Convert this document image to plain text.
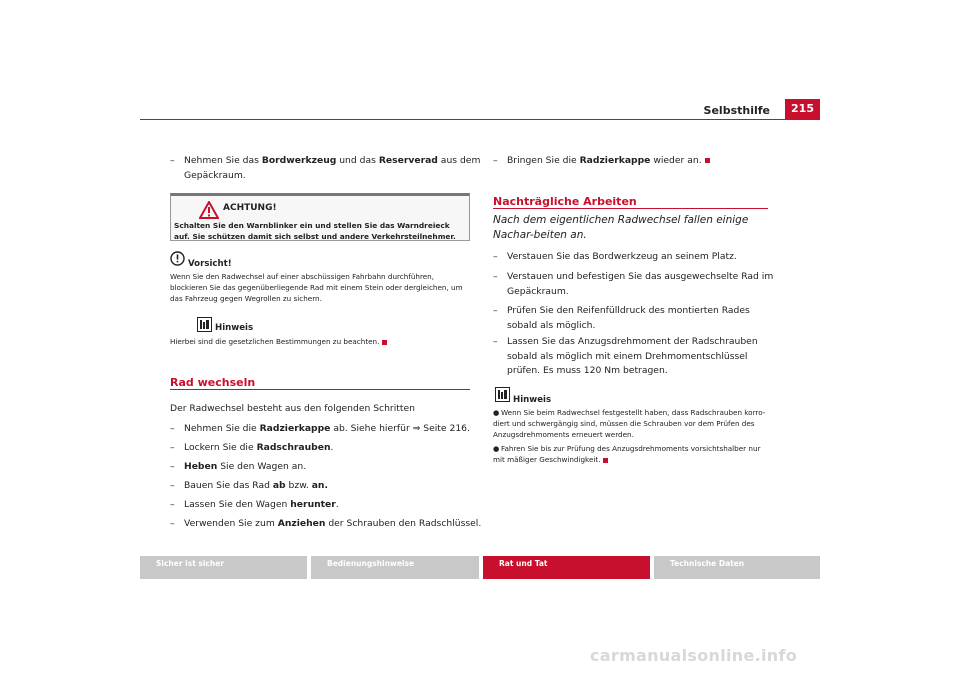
Selbsthilfe	215
– Nehmen Sie das Bordwerkzeug und das Reserverad aus dem Gepäckraum.
ACHTUNG!
Schalten Sie den Warnblinker ein und stellen Sie das Warndreieck auf. Sie schützen damit sich selbst und andere Verkehrsteilnehmer.
Vorsicht!
Wenn Sie den Radwechsel auf einer abschüssigen Fahrbahn durchführen, blockieren Sie das gegenüberliegende Rad mit einem Stein oder dergleichen, um das Fahrzeug gegen Wegrollen zu sichern.
Hinweis
Hierbei sind die gesetzlichen Bestimmungen zu beachten.
Rad wechseln
Der Radwechsel besteht aus den folgenden Schritten
– Nehmen Sie die Radzierkappe ab. Siehe hierfür ⇒ Seite 216.
– Lockern Sie die Radschrauben.
– Heben Sie den Wagen an.
– Bauen Sie das Rad ab bzw. an.
– Lassen Sie den Wagen herunter.
– Verwenden Sie zum Anziehen der Schrauben den Radschlüssel.
– Bringen Sie die Radzierkappe wieder an.
Nachträgliche Arbeiten
Nach dem eigentlichen Radwechsel fallen einige Nachar-beiten an.
– Verstauen Sie das Bordwerkzeug an seinem Platz.
– Verstauen und befestigen Sie das ausgewechselte Rad im Gepäckraum.
– Prüfen Sie den Reifenfülldruck des montierten Rades sobald als möglich.
– Lassen Sie das Anzugsdrehmoment der Radschrauben sobald als möglich mit einem Drehmomentschlüssel prüfen. Es muss 120 Nm betragen.
Hinweis
● Wenn Sie beim Radwechsel festgestellt haben, dass Radschrauben korro-diert und schwergängig sind, müssen die Schrauben vor dem Prüfen des Anzugsdrehmoments erneuert werden.
● Fahren Sie bis zur Prüfung des Anzugsdrehmoments vorsichtshalber nur mit mäßiger Geschwindigkeit.
Sicher ist sicher	Bedienungshinweise	Rat und Tat	Technische Daten
carmanualsonline.info
